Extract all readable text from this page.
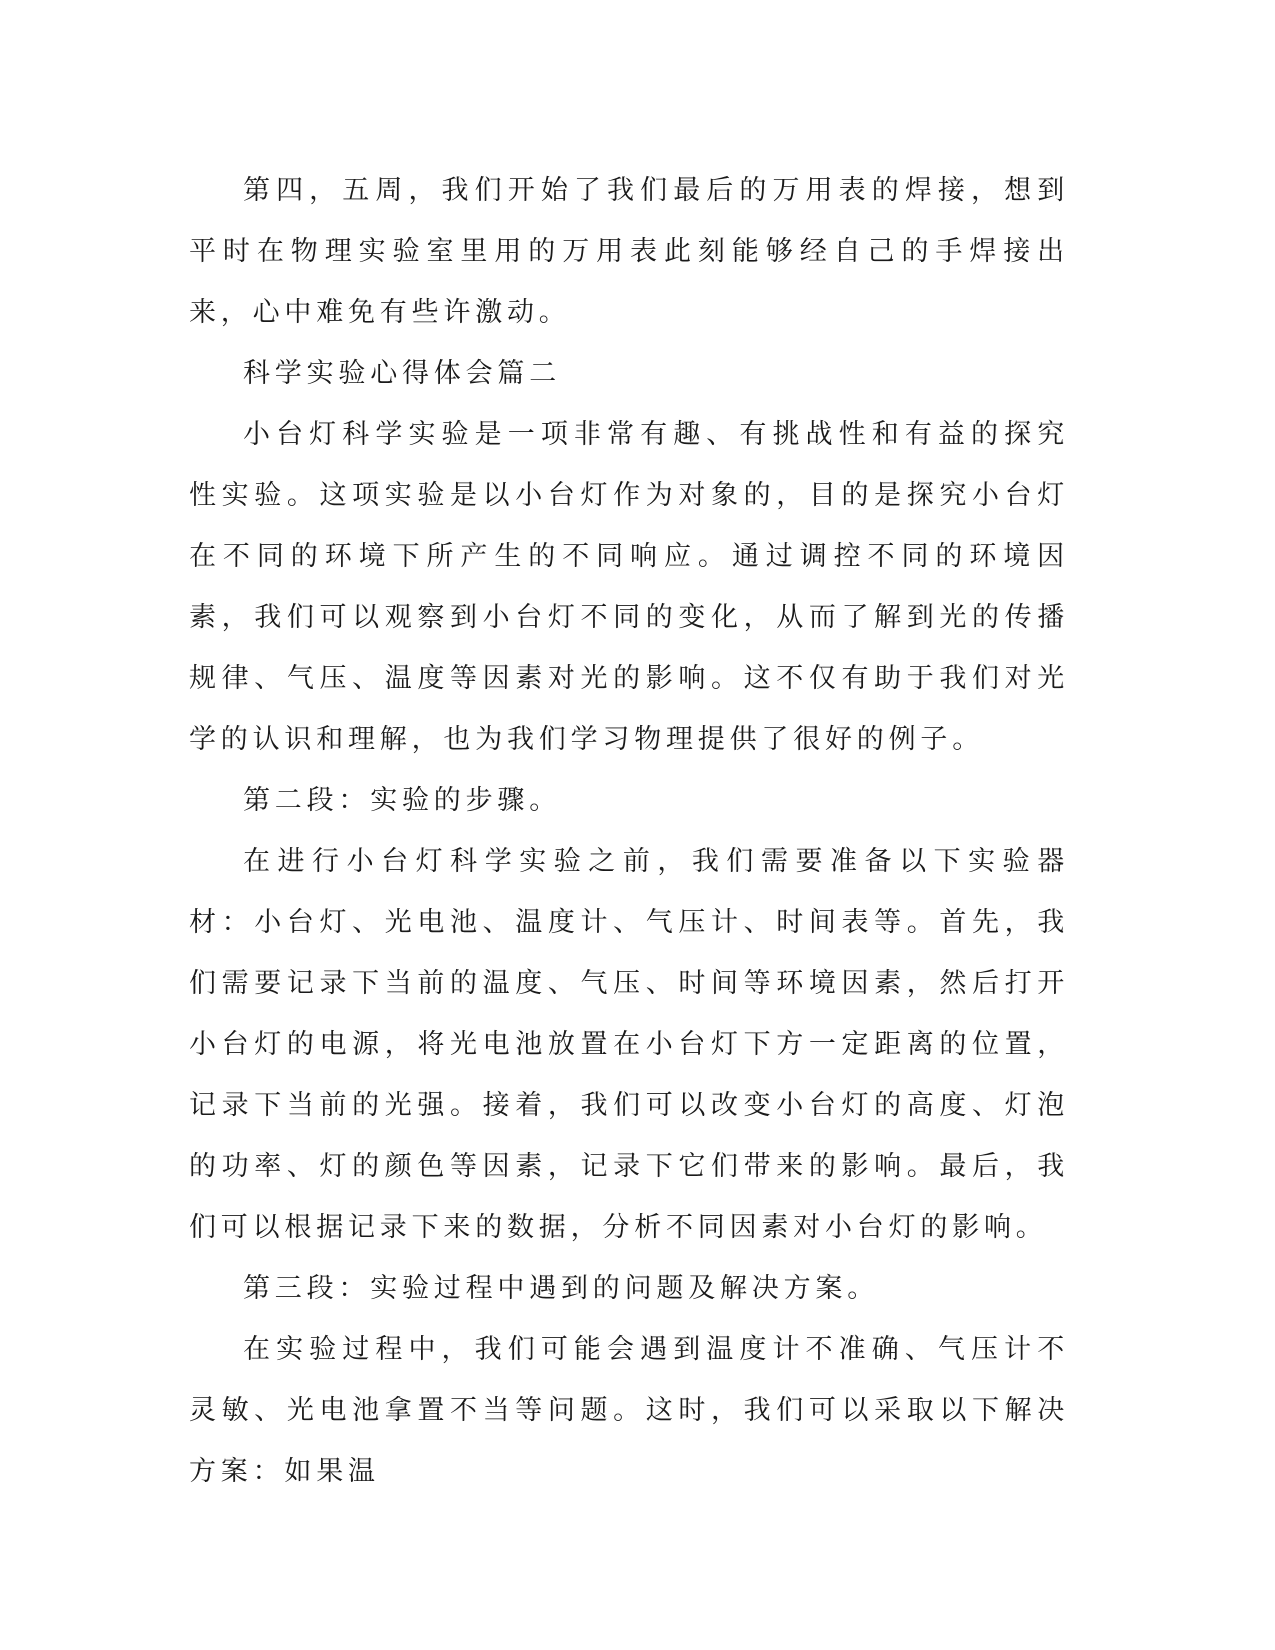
第四，五周，我们开始了我们最后的万用表的焊接，想到平时在物理实验室里用的万用表此刻能够经自己的手焊接出来，心中难免有些许激动。

科学实验心得体会篇二

小台灯科学实验是一项非常有趣、有挑战性和有益的探究性实验。这项实验是以小台灯作为对象的，目的是探究小台灯在不同的环境下所产生的不同响应。通过调控不同的环境因素，我们可以观察到小台灯不同的变化，从而了解到光的传播规律、气压、温度等因素对光的影响。这不仅有助于我们对光学的认识和理解，也为我们学习物理提供了很好的例子。

第二段：实验的步骤。

在进行小台灯科学实验之前，我们需要准备以下实验器材：小台灯、光电池、温度计、气压计、时间表等。首先，我们需要记录下当前的温度、气压、时间等环境因素，然后打开小台灯的电源，将光电池放置在小台灯下方一定距离的位置，记录下当前的光强。接着，我们可以改变小台灯的高度、灯泡的功率、灯的颜色等因素，记录下它们带来的影响。最后，我们可以根据记录下来的数据，分析不同因素对小台灯的影响。

第三段：实验过程中遇到的问题及解决方案。

在实验过程中，我们可能会遇到温度计不准确、气压计不灵敏、光电池拿置不当等问题。这时，我们可以采取以下解决方案：如果温
